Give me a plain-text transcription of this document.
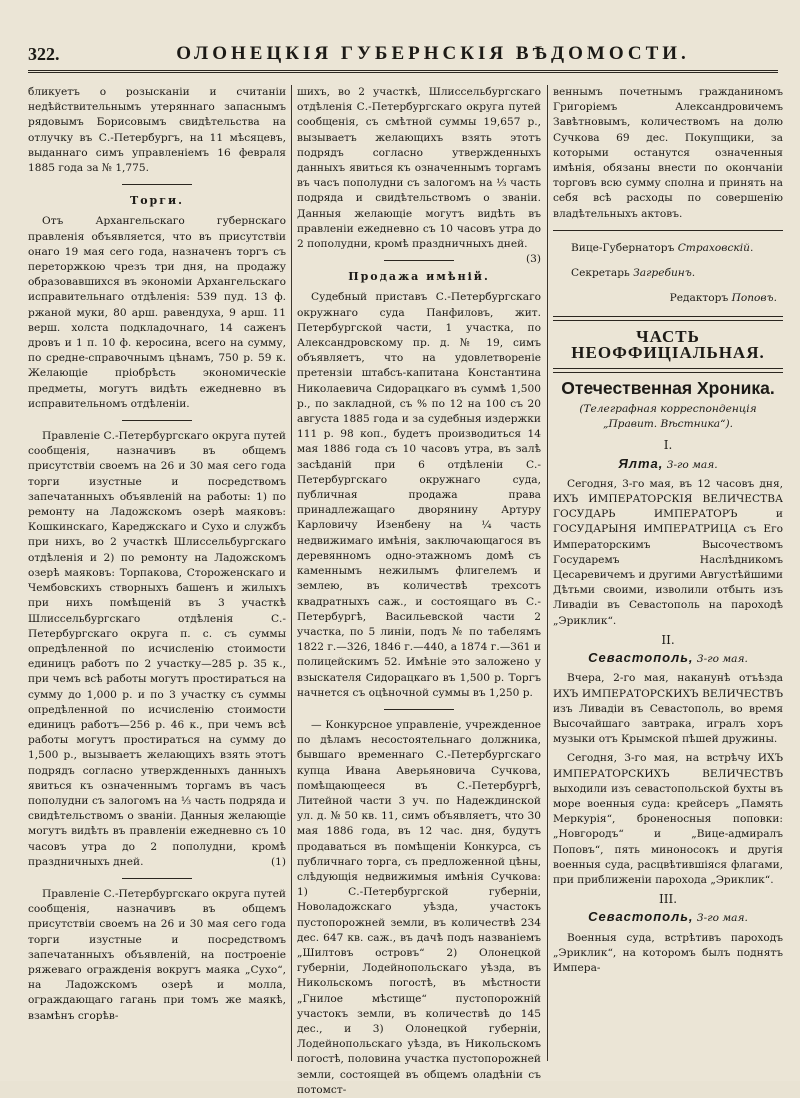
322.	ОЛОНЕЦКІЯ ГУБЕРНСКІЯ ВѢДОМОСТИ.

бликуетъ о розысканіи и считаніи недѣйствительнымъ утеряннаго запаснымъ рядовымъ Борисовымъ свидѣтельства на отлучку въ С.-Петербургъ, на 11 мѣсяцевъ, выданнаго симъ управленіемъ 16 февраля 1885 года за № 1,775.

Торги.

Отъ Архангельскаго губернскаго правленія объявляется, что въ присутствіи онаго 19 мая сего года, назначенъ торгъ съ переторжкою чрезъ три дня, на продажу образовавшихся въ экономіи Архангельскаго исправительнаго отдѣленія: 539 пуд. 13 ф. ржаной муки, 80 арш. равендуха, 9 арш. 11 верш. холста подкладочнаго, 14 саженъ дровъ и 1 п. 10 ф. керосина, всего на сумму, по средне-справочнымъ цѣнамъ, 750 р. 59 к. Желающіе пріобрѣсть экономическіе предметы, могутъ видѣть ежедневно въ исправительномъ отдѣленіи.

Правленіе С.-Петербургскаго округа путей сообщенія, назначивъ въ общемъ присутствіи своемъ на 26 и 30 мая сего года торги изустные и посредствомъ запечатанныхъ объявленій на работы: 1) по ремонту на Ладожскомъ озерѣ маяковъ: Кошкинскаго, Кареджскаго и Сухо и службъ при нихъ, во 2 участкѣ Шлиссельбургскаго отдѣленія и 2) по ремонту на Ладожскомъ озерѣ маяковъ: Торпакова, Стороженскаго и Чембовскихъ створныхъ башенъ и жилыхъ при нихъ помѣщеній въ 3 участкѣ Шлиссельбургскаго отдѣленія С.-Петербургскаго округа п. с. съ суммы опредѣленной по исчисленію стоимости единицъ работъ по 2 участку—285 р. 35 к., при чемъ всѣ работы могутъ простираться на сумму до 1,000 р. и по 3 участку съ суммы опредѣленной по исчисленію стоимости единицъ работъ—256 р. 46 к., при чемъ всѣ работы могутъ простираться на сумму до 1,500 р., вызываетъ желающихъ взять этотъ подрядъ согласно утвержденныхъ данныхъ явиться къ означеннымъ торгамъ въ часъ пополудни съ залогомъ на ⅓ часть подряда и свидѣтельствомъ о званіи. Данныя желающіе могутъ видѣть въ правленіи ежедневно съ 10 часовъ утра до 2 пополудни, кромѣ праздничныхъ дней.	(1)

Правленіе С.-Петербургскаго округа путей сообщенія, назначивъ въ общемъ присутствіи своемъ на 26 и 30 мая сего года торги изустные и посредствомъ запечатанныхъ объявленій, на построеніе ряжеваго огражденія вокругъ маяка „Сухо“, на Ладожскомъ озерѣ и молла, ограждающаго гагань при томъ же маякѣ, взамѣнъ сгорѣв-

шихъ, во 2 участкѣ, Шлиссельбургскаго отдѣленія С.-Петербургскаго округа путей сообщенія, съ смѣтной суммы 19,657 р., вызываетъ желающихъ взять этотъ подрядъ согласно утвержденныхъ данныхъ явиться къ означеннымъ торгамъ въ часъ пополудни съ залогомъ на ⅓ часть подряда и свидѣтельствомъ о званіи. Данныя желающіе могутъ видѣть въ правленіи ежедневно съ 10 часовъ утра до 2 пополудни, кромѣ праздничныхъ дней.
(3)

Продажа имѣній.

Судебный приставъ С.-Петербургскаго окружнаго суда Панфиловъ, жит. Петербургской части, 1 участка, по Александровскому пр. д. № 19, симъ объявляетъ, что на удовлетвореніе претензіи штабсъ-капитана Константина Николаевича Сидорацкаго въ суммѣ 1,500 р., по закладной, съ % по 12 на 100 съ 20 августа 1885 года и за судебныя издержки 111 р. 98 коп., будетъ производиться 14 мая 1886 года съ 10 часовъ утра, въ залѣ засѣданій при 6 отдѣленіи С.-Петербургскаго окружнаго суда, публичная продажа права принадлежащаго дворянину Артуру Карловичу Изенбену на ¼ часть недвижимаго имѣнія, заключающагося въ деревянномъ одно-этажномъ домѣ съ каменнымъ нежилымъ флигелемъ и землею, въ количествѣ трехсотъ квадратныхъ саж., и состоящаго въ С.-Петербургѣ, Васильевской части 2 участка, по 5 линіи, подъ № по табелямъ 1822 г.—326, 1846 г.—440, а 1874 г.—361 и полицейскимъ 52. Имѣніе это заложено у взыскателя Сидорацкаго въ 1,500 р. Торгъ начнется съ оцѣночной суммы въ 1,250 р.

— Конкурсное управленіе, учрежденное по дѣламъ несостоятельнаго должника, бывшаго временнаго С.-Петербургскаго купца Ивана Аверьяновича Сучкова, помѣщающееся въ С.-Петербургѣ, Литейной части 3 уч. по Надеждинской ул. д. № 50 кв. 11, симъ объявляетъ, что 30 мая 1886 года, въ 12 час. дня, будутъ продаваться въ помѣщеніи Конкурса, съ публичнаго торга, съ предложенной цѣны, слѣдующія недвижимыя имѣнія Сучкова: 1) С.-Петербургской губерніи, Новоладожскаго уѣзда, участокъ пустопорожней земли, въ количествѣ 234 дес. 647 кв. саж., въ дачѣ подъ названіемъ „Шилтовъ островъ“ 2) Олонецкой губерніи, Лодейнопольскаго уѣзда, въ Никольскомъ погостѣ, въ мѣстности „Гнилое мѣстище“ пустопорожній участокъ земли, въ количествѣ до 145 дес., и 3) Олонецкой губерніи, Лодейнопольскаго уѣзда, въ Никольскомъ погостѣ, половина участка пустопорожней земли, состоящей въ общемъ оладѣніи съ потомст-

веннымъ почетнымъ гражданиномъ Григоріемъ Александровичемъ Завѣтновымъ, количествомъ на долю Сучкова 69 дес. Покупщики, за которыми останутся означенныя имѣнія, обязаны внести по окончаніи торговъ всю сумму сполна и принять на себя всѣ расходы по совершенію владѣтельныхъ актовъ.

Вице-Губернаторъ Страховскій.
Секретарь Загребинъ.
Редакторъ Поповъ.
ЧАСТЬ НЕОФФИЦІАЛЬНАЯ.
Отечественная Хроника.
(Телеграфная корреспонденція „Правит. Вѣстника“).
I.
Ялта, 3-го мая.

Сегодня, 3-го мая, въ 12 часовъ дня, ИХЪ ИМПЕРАТОРСКІЯ ВЕЛИЧЕСТВА ГОСУДАРЬ ИМПЕРАТОРЪ и ГОСУДАРЫНЯ ИМПЕРАТРИЦА съ Его Императорскимъ Высочествомъ Государемъ Наслѣдникомъ Цесаревичемъ и другими Августѣйшими Дѣтьми своими, изволили отбыть изъ Ливадіи въ Севастополь на пароходѣ „Эриклик“.

II.
Севастополь, 3-го мая.

Вчера, 2-го мая, наканунѣ отъѣзда ИХЪ ИМПЕРАТОРСКИХЪ ВЕЛИЧЕСТВЪ изъ Ливадіи въ Севастополь, во время Высочайшаго завтрака, игралъ хоръ музыки отъ Крымской пѣшей дружины.

Сегодня, 3-го мая, на встрѣчу ИХЪ ИМПЕРАТОРСКИХЪ ВЕЛИЧЕСТВЪ выходили изъ севастопольской бухты въ море военныя суда: крейсеръ „Память Меркурія“, броненосныя поповки: „Новгородъ“ и „Вице-адмиралъ Поповъ“, пять миноносокъ и другія военныя суда, расцвѣтившіяся флагами, при приближеніи парохода „Эриклик“.

III.
Севастополь, 3-го мая.

Военныя суда, встрѣтивъ пароходъ „Эриклик“, на которомъ былъ поднятъ Импера-
